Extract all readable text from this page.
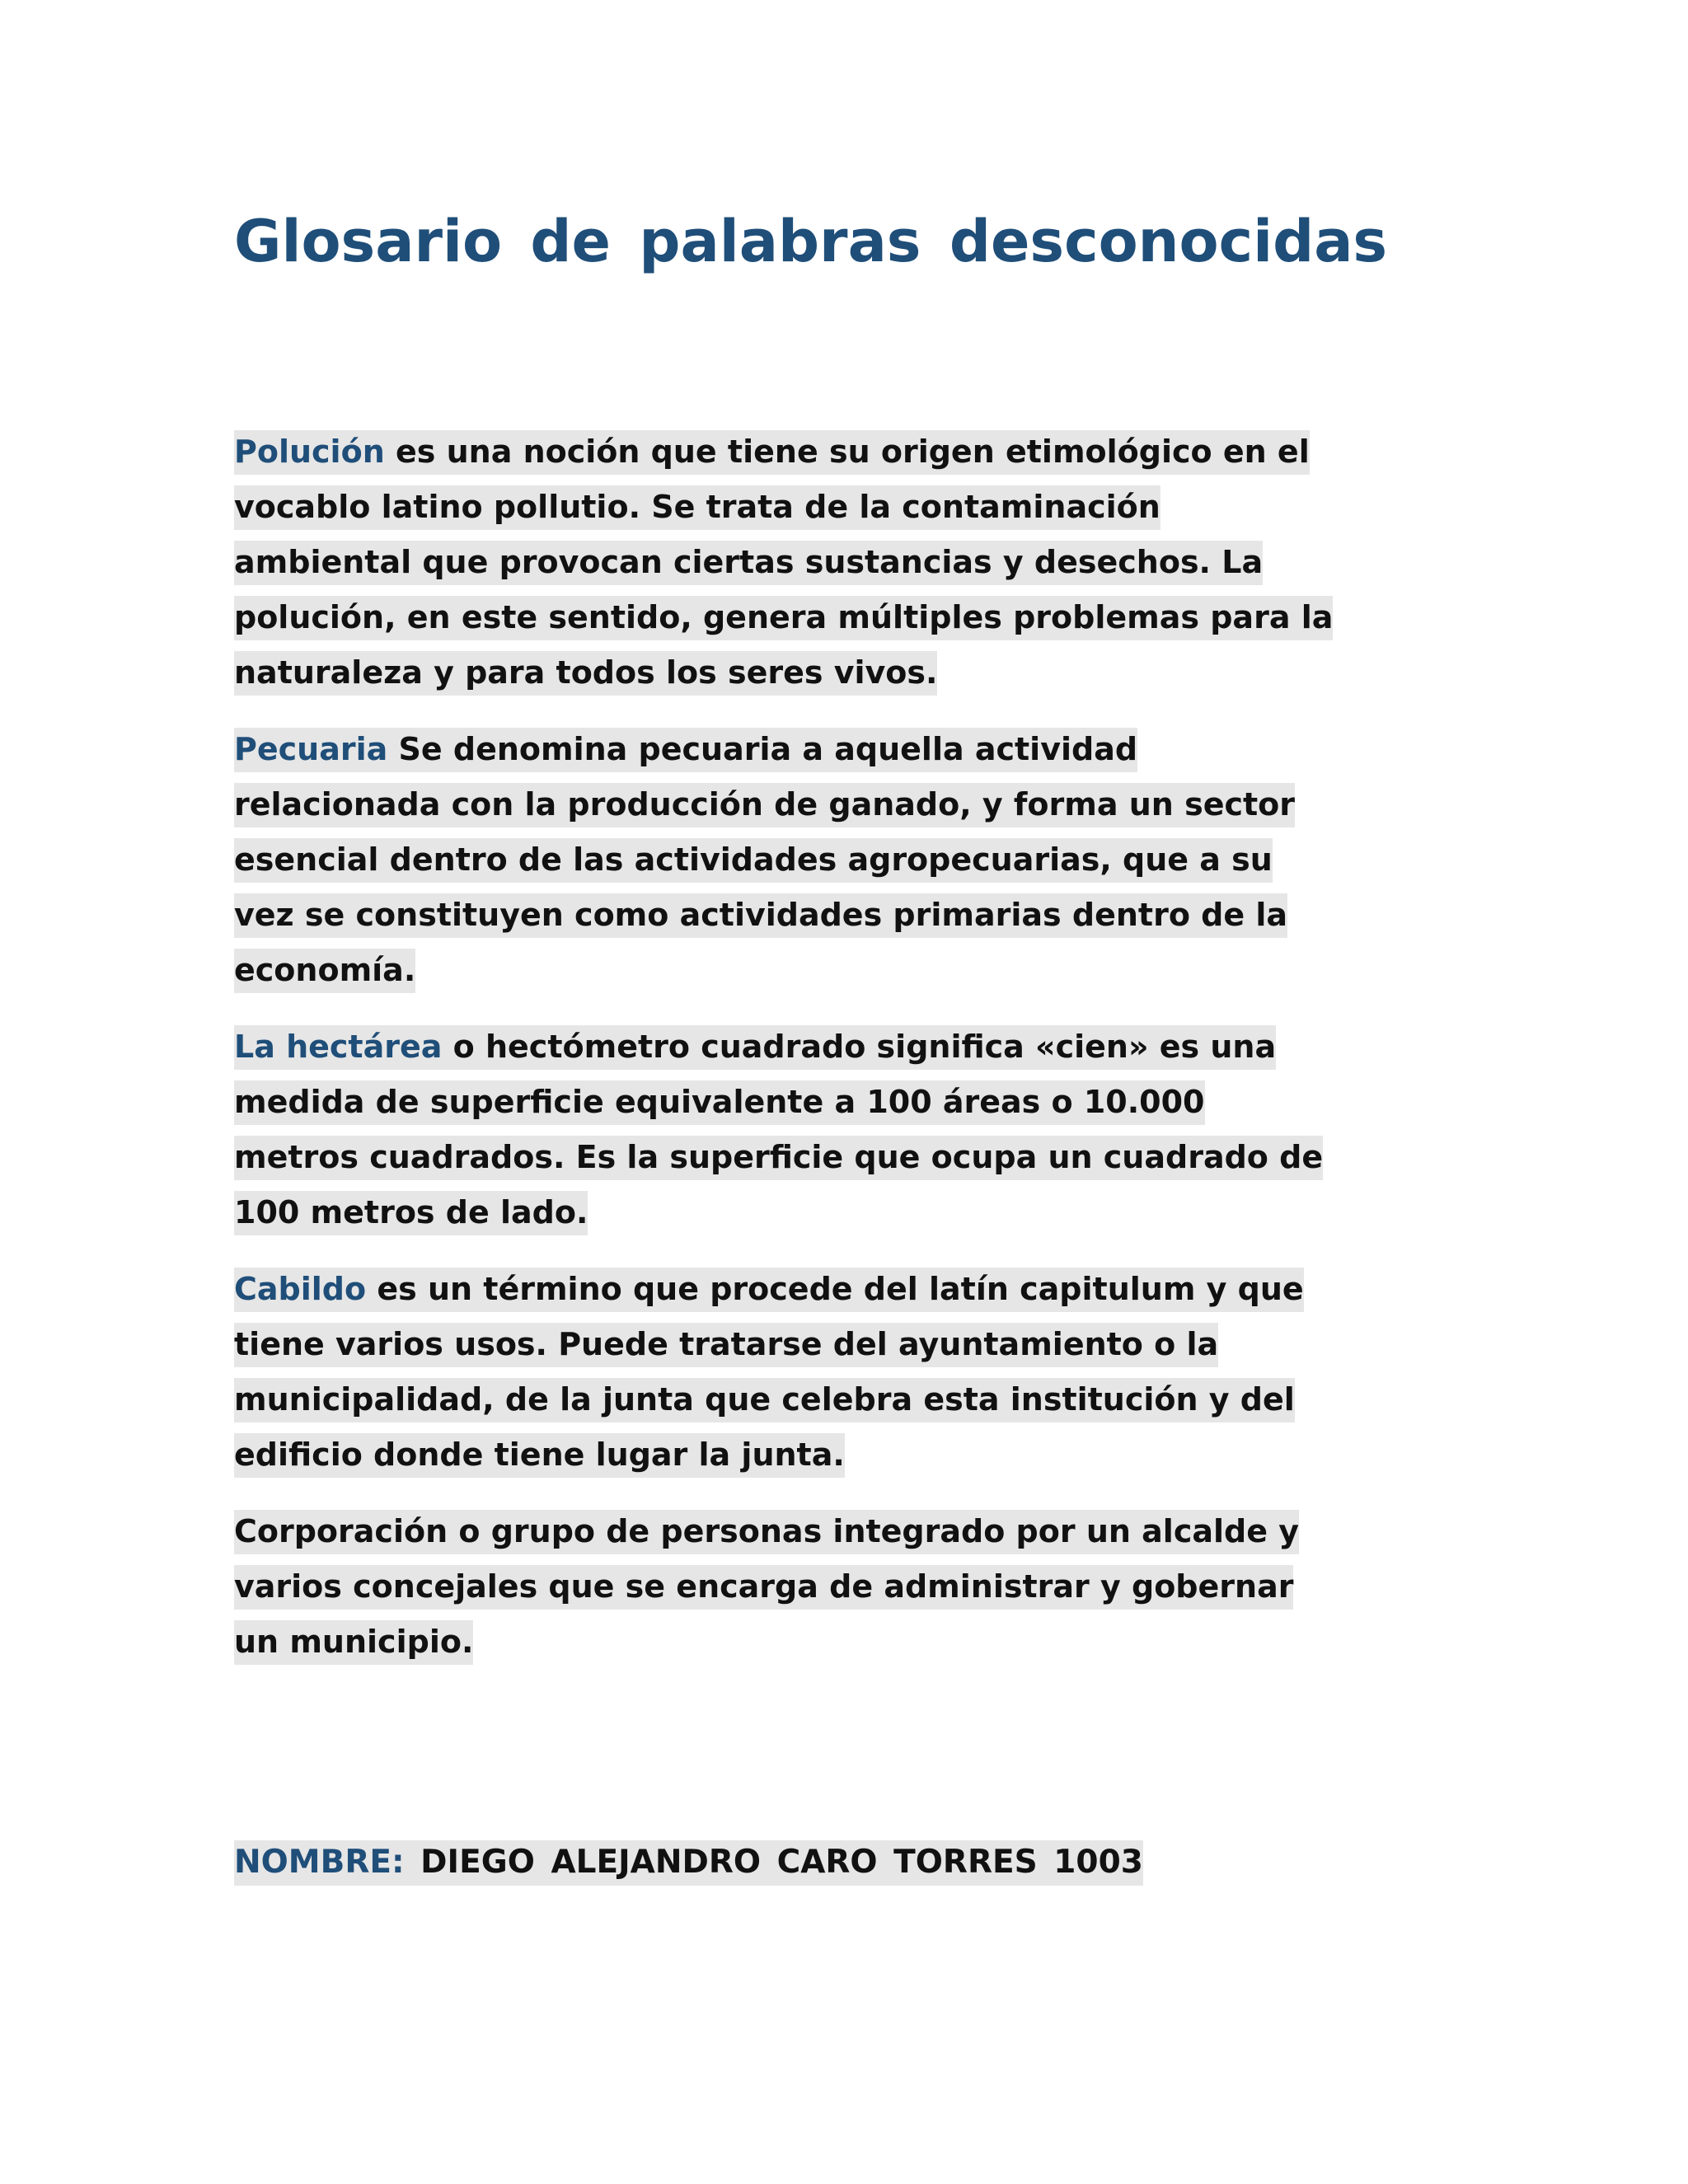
Glosario de palabras desconocidas

Polución es una noción que tiene su origen etimológico en el
vocablo latino pollutio. Se trata de la contaminación
ambiental que provocan ciertas sustancias y desechos. La
polución, en este sentido, genera múltiples problemas para la
naturaleza y para todos los seres vivos.

Pecuaria Se denomina pecuaria a aquella actividad
relacionada con la producción de ganado, y forma un sector
esencial dentro de las actividades agropecuarias, que a su
vez se constituyen como actividades primarias dentro de la
economía.

La hectárea o hectómetro cuadrado significa «cien» es una
medida de superficie equivalente a 100 áreas o 10.000
metros cuadrados. Es la superficie que ocupa un cuadrado de
100 metros de lado.

Cabildo es un término que procede del latín capitulum y que
tiene varios usos. Puede tratarse del ayuntamiento o la
municipalidad, de la junta que celebra esta institución y del
edificio donde tiene lugar la junta.

Corporación o grupo de personas integrado por un alcalde y
varios concejales que se encarga de administrar y gobernar
un municipio.

NOMBRE: DIEGO ALEJANDRO CARO TORRES 1003
